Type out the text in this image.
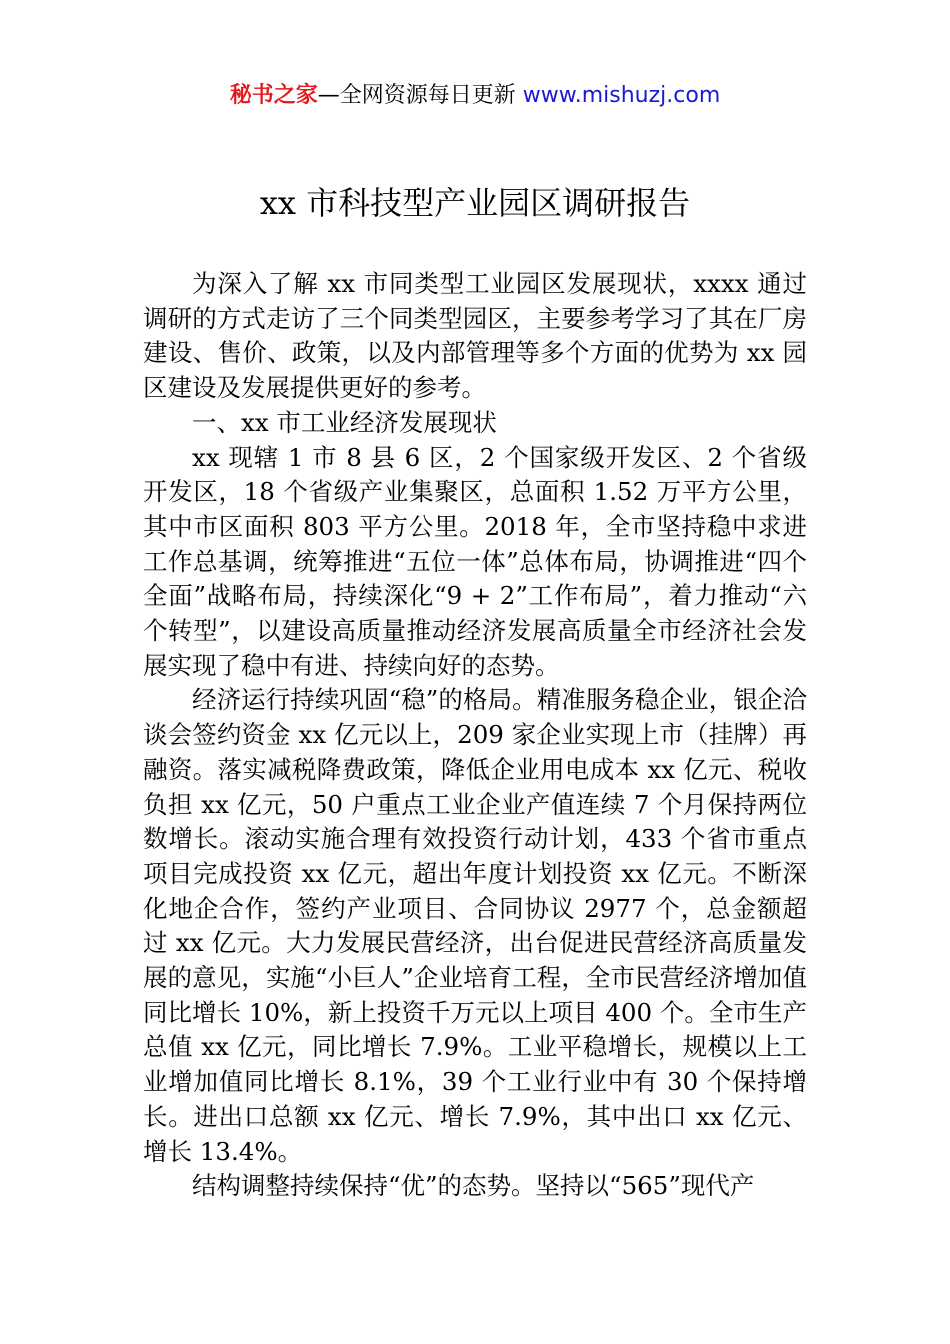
秘书之家—全网资源每日更新 www.mishuzj.com
xx 市科技型产业园区调研报告

为深入了解 xx 市同类型工业园区发展现状，xxxx 通过调研的方式走访了三个同类型园区，主要参考学习了其在厂房建设、售价、政策，以及内部管理等多个方面的优势为 xx 园区建设及发展提供更好的参考。

一、xx 市工业经济发展现状

xx 现辖 1 市 8 县 6 区，2 个国家级开发区、2 个省级开发区，18 个省级产业集聚区，总面积 1.52 万平方公里，其中市区面积 803 平方公里。2018 年，全市坚持稳中求进工作总基调，统筹推进“五位一体”总体布局，协调推进“四个全面”战略布局，持续深化“9 + 2”工作布局”，着力推动“六个转型”，以建设高质量推动经济发展高质量全市经济社会发展实现了稳中有进、持续向好的态势。

经济运行持续巩固“稳”的格局。精准服务稳企业，银企洽谈会签约资金 xx 亿元以上，209 家企业实现上市（挂牌）再融资。落实减税降费政策，降低企业用电成本 xx 亿元、税收负担 xx 亿元，50 户重点工业企业产值连续 7 个月保持两位数增长。滚动实施合理有效投资行动计划，433 个省市重点项目完成投资 xx 亿元，超出年度计划投资 xx 亿元。不断深化地企合作，签约产业项目、合同协议 2977 个，总金额超过 xx 亿元。大力发展民营经济，出台促进民营经济高质量发展的意见，实施“小巨人”企业培育工程，全市民营经济增加值同比增长 10%，新上投资千万元以上项目 400 个。全市生产总值 xx 亿元，同比增长 7.9%。工业平稳增长，规模以上工业增加值同比增长 8.1%，39 个工业行业中有 30 个保持增长。进出口总额 xx 亿元、增长 7.9%，其中出口 xx 亿元、增长 13.4%。

结构调整持续保持“优”的态势。坚持以“565”现代产
